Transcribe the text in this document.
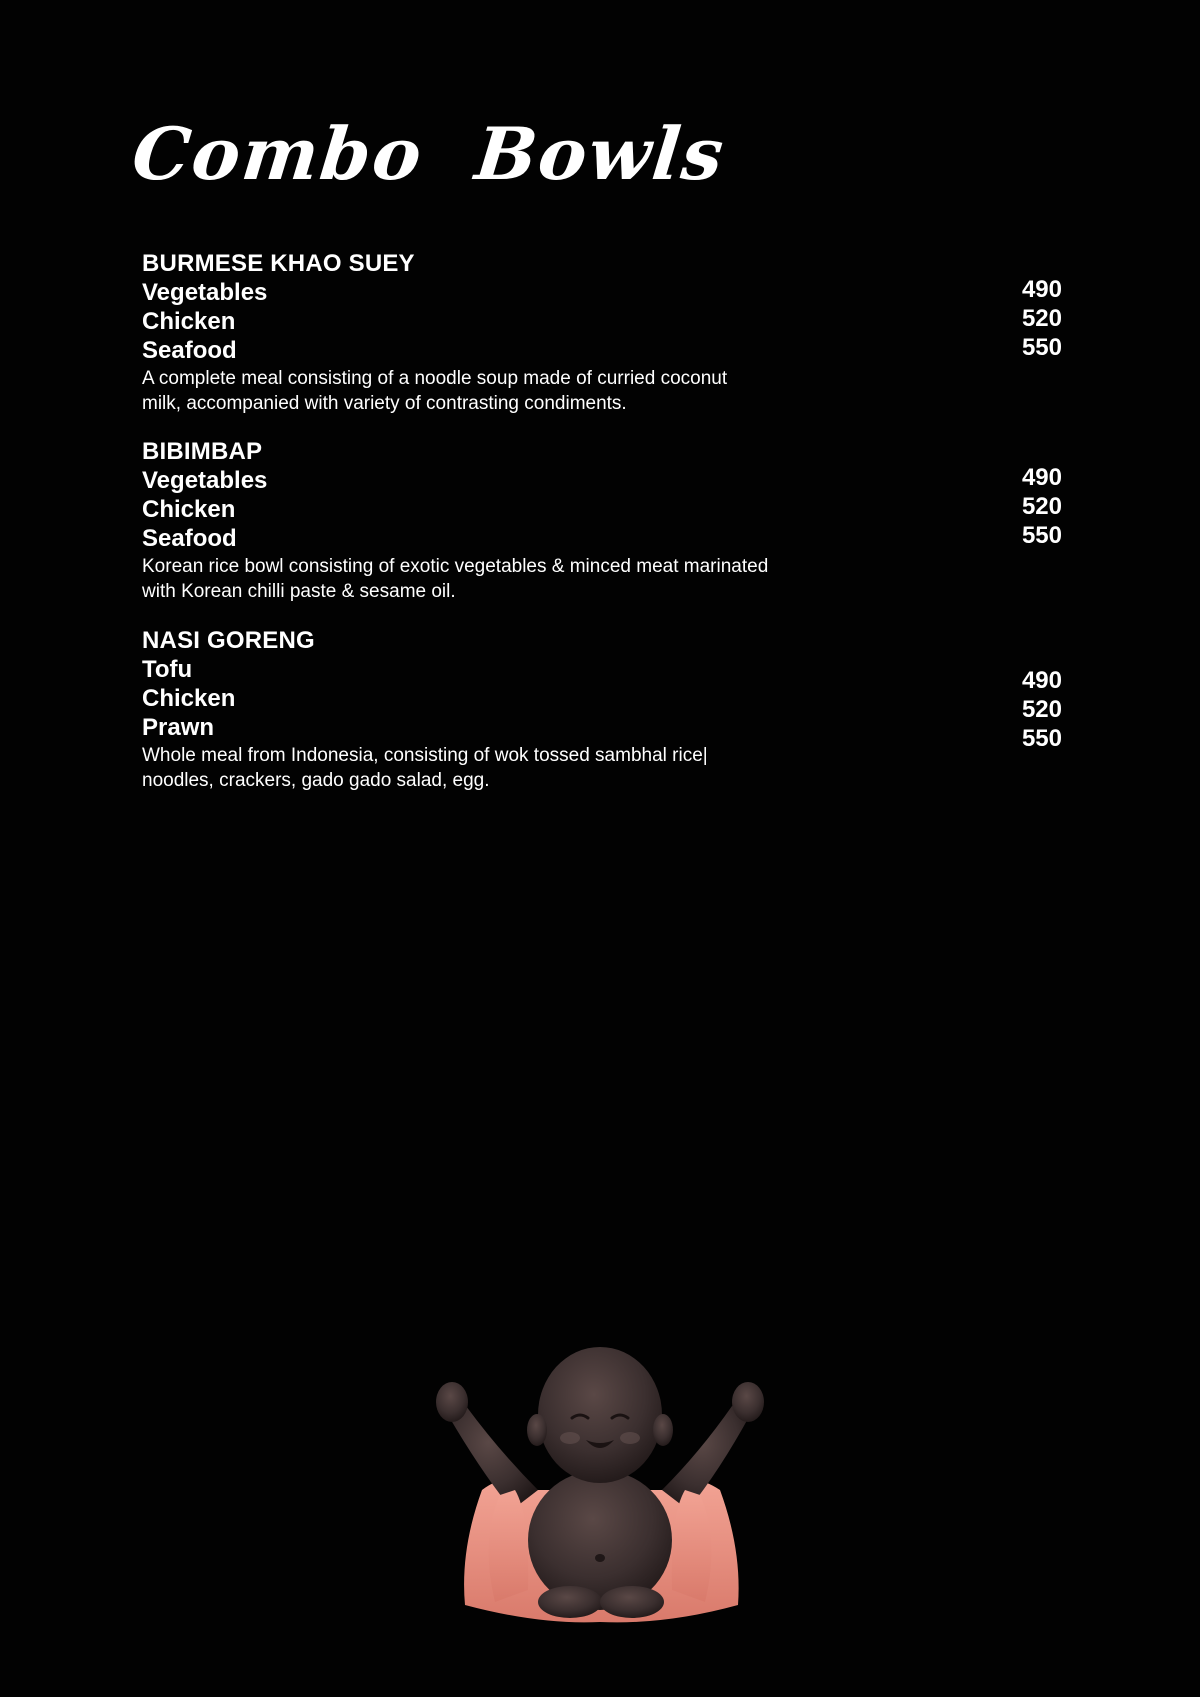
Combo Bowls
BURMESE KHAO SUEY
Vegetables
Chicken
Seafood
A complete meal consisting of a noodle soup made of curried coconut
milk, accompanied with variety of contrasting condiments.
490
520
550
BIBIMBAP
Vegetables
Chicken
Seafood
Korean rice bowl consisting of exotic vegetables & minced meat marinated
with Korean chilli paste & sesame oil.
490
520
550
NASI GORENG
Tofu
Chicken
Prawn
Whole meal from Indonesia, consisting of wok tossed sambhal rice|
noodles, crackers, gado gado salad, egg.
490
520
550
